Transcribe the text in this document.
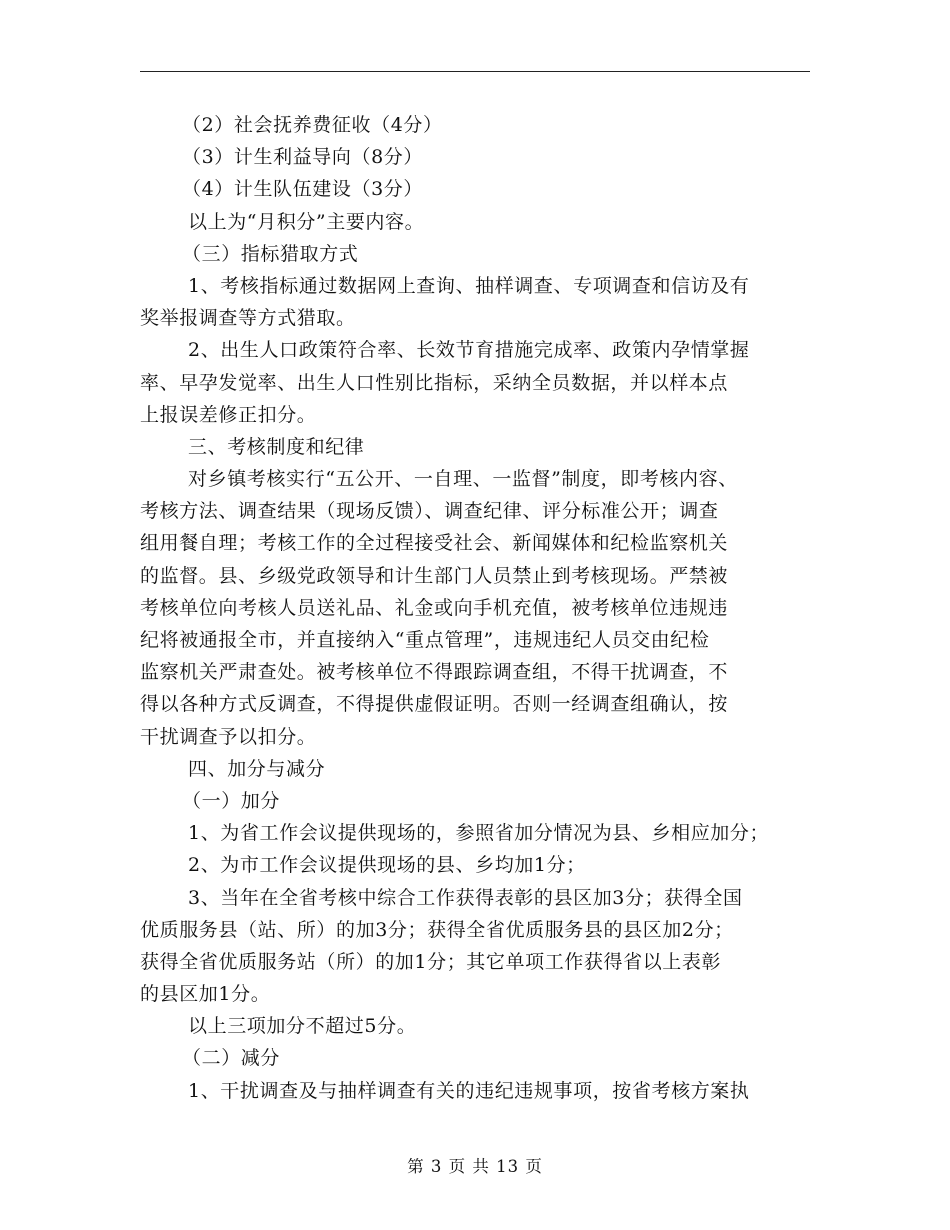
（2）社会抚养费征收（4分）
（3）计生利益导向（8分）
（4）计生队伍建设（3分）
以上为“月积分”主要内容。
（三）指标猎取方式
1、考核指标通过数据网上查询、抽样调查、专项调查和信访及有
奖举报调查等方式猎取。
2、出生人口政策符合率、长效节育措施完成率、政策内孕情掌握
率、早孕发觉率、出生人口性别比指标，采纳全员数据，并以样本点
上报误差修正扣分。
三、考核制度和纪律
对乡镇考核实行“五公开、一自理、一监督”制度，即考核内容、
考核方法、调查结果（现场反馈）、调查纪律、评分标准公开；调查
组用餐自理；考核工作的全过程接受社会、新闻媒体和纪检监察机关
的监督。县、乡级党政领导和计生部门人员禁止到考核现场。严禁被
考核单位向考核人员送礼品、礼金或向手机充值，被考核单位违规违
纪将被通报全市，并直接纳入“重点管理”，违规违纪人员交由纪检
监察机关严肃查处。被考核单位不得跟踪调查组，不得干扰调查，不
得以各种方式反调查，不得提供虚假证明。否则一经调查组确认，按
干扰调查予以扣分。
四、加分与减分
（一）加分
1、为省工作会议提供现场的，参照省加分情况为县、乡相应加分；
2、为市工作会议提供现场的县、乡均加1分；
3、当年在全省考核中综合工作获得表彰的县区加3分；获得全国
优质服务县（站、所）的加3分；获得全省优质服务县的县区加2分；
获得全省优质服务站（所）的加1分；其它单项工作获得省以上表彰
的县区加1分。
以上三项加分不超过5分。
（二）减分
1、干扰调查及与抽样调查有关的违纪违规事项，按省考核方案执
第 3 页 共 13 页
